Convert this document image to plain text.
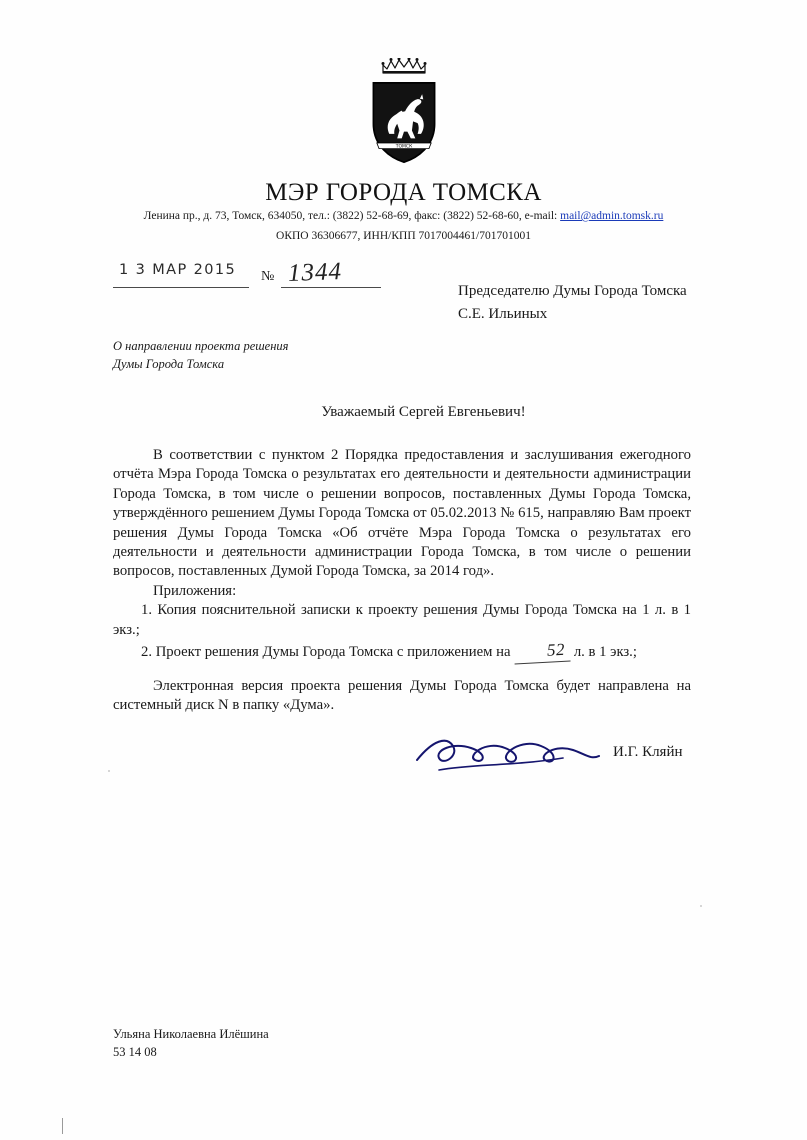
ТОМСК
МЭР ГОРОДА ТОМСКА
Ленина пр., д. 73, Томск, 634050, тел.: (3822) 52-68-69, факс: (3822) 52-68-60, e-mail: mail@admin.tomsk.ru
ОКПО 36306677, ИНН/КПП 7017004461/701701001
1 3 МАР 2015 № 1344
Председателю Думы Города Томска
С.Е. Ильиных
О направлении проекта решения
Думы Города Томска
Уважаемый Сергей Евгеньевич!

В соответствии с пунктом 2 Порядка предоставления и заслушивания ежегодного отчёта Мэра Города Томска о результатах его деятельности и деятельности администрации Города Томска, в том числе о решении вопросов, поставленных Думы Города Томска, утверждённого решением Думы Города Томска от 05.02.2013 № 615, направляю Вам проект решения Думы Города Томска «Об отчёте Мэра Города Томска о результатах его деятельности и деятельности администрации Города Томска, в том числе о решении вопросов, поставленных Думой Города Томска, за 2014 год».

Приложения:

1. Копия пояснительной записки к проекту решения Думы Города Томска на 1 л. в 1 экз.;

2. Проект решения Думы Города Томска с приложением на 52 л. в 1 экз.;

Электронная версия проекта решения Думы Города Томска будет направлена на системный диск N в папку «Дума».

И.Г. Кляйн
Ульяна Николаевна Илёшина
53 14 08
